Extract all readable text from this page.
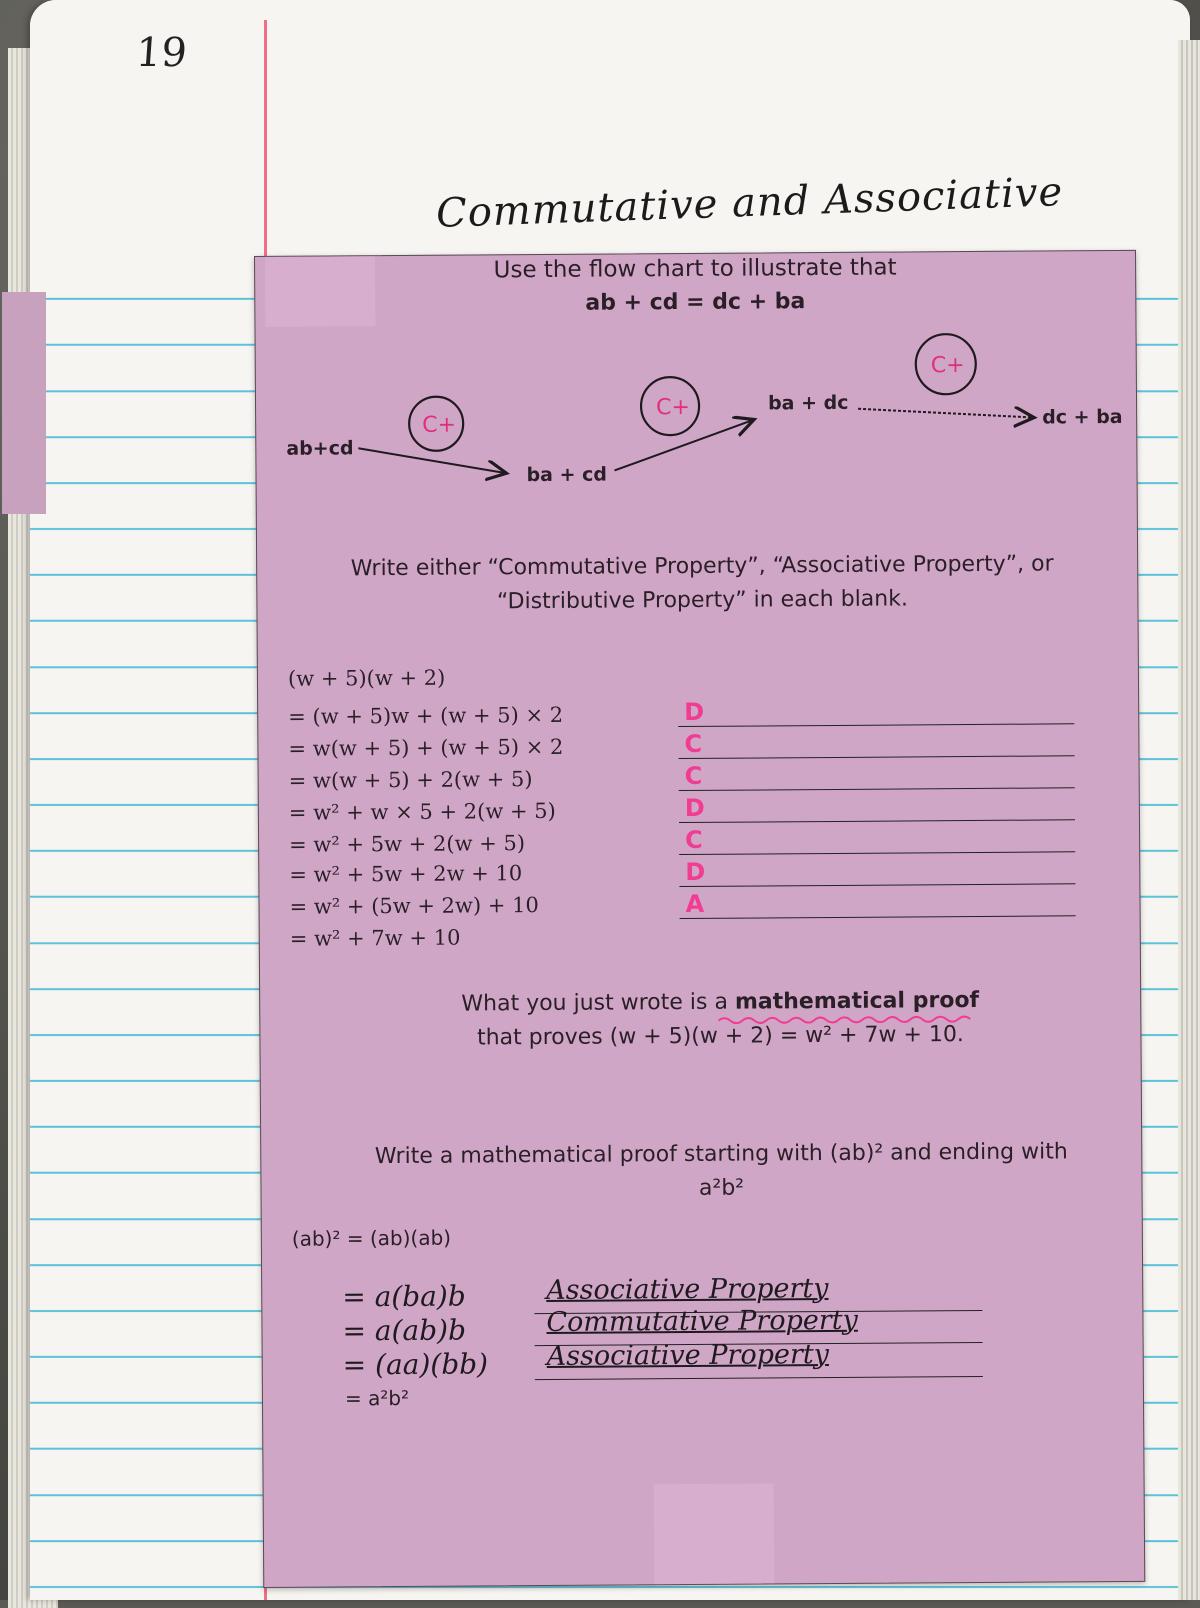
19
Commutative and Associative
Use the flow chart to illustrate that
ab + cd = dc + ba
ab+cd
C+
ba + cd
C+	ba + dc
C+
dc + ba
Write either “Commutative Property”, “Associative Property”, or
“Distributive Property” in each blank.
(w + 5)(w + 2)
= (w + 5)w + (w + 5) × 2
= w(w + 5) + (w + 5) × 2
= w(w + 5) + 2(w + 5)
= w² + w × 5 + 2(w + 5)
= w² + 5w + 2(w + 5)
= w² + 5w + 2w + 10
= w² + (5w + 2w) + 10
= w² + 7w + 10
D
C
C
D
C
D
A
What you just wrote is a mathematical proof
that proves (w + 5)(w + 2) = w² + 7w + 10.
Write a mathematical proof starting with (ab)² and ending with
a²b²
(ab)² = (ab)(ab)
= a(ba)b
= a(ab)b
= (aa)(bb)
= a²b²
Associative Property
Commutative Property
Associative Property
